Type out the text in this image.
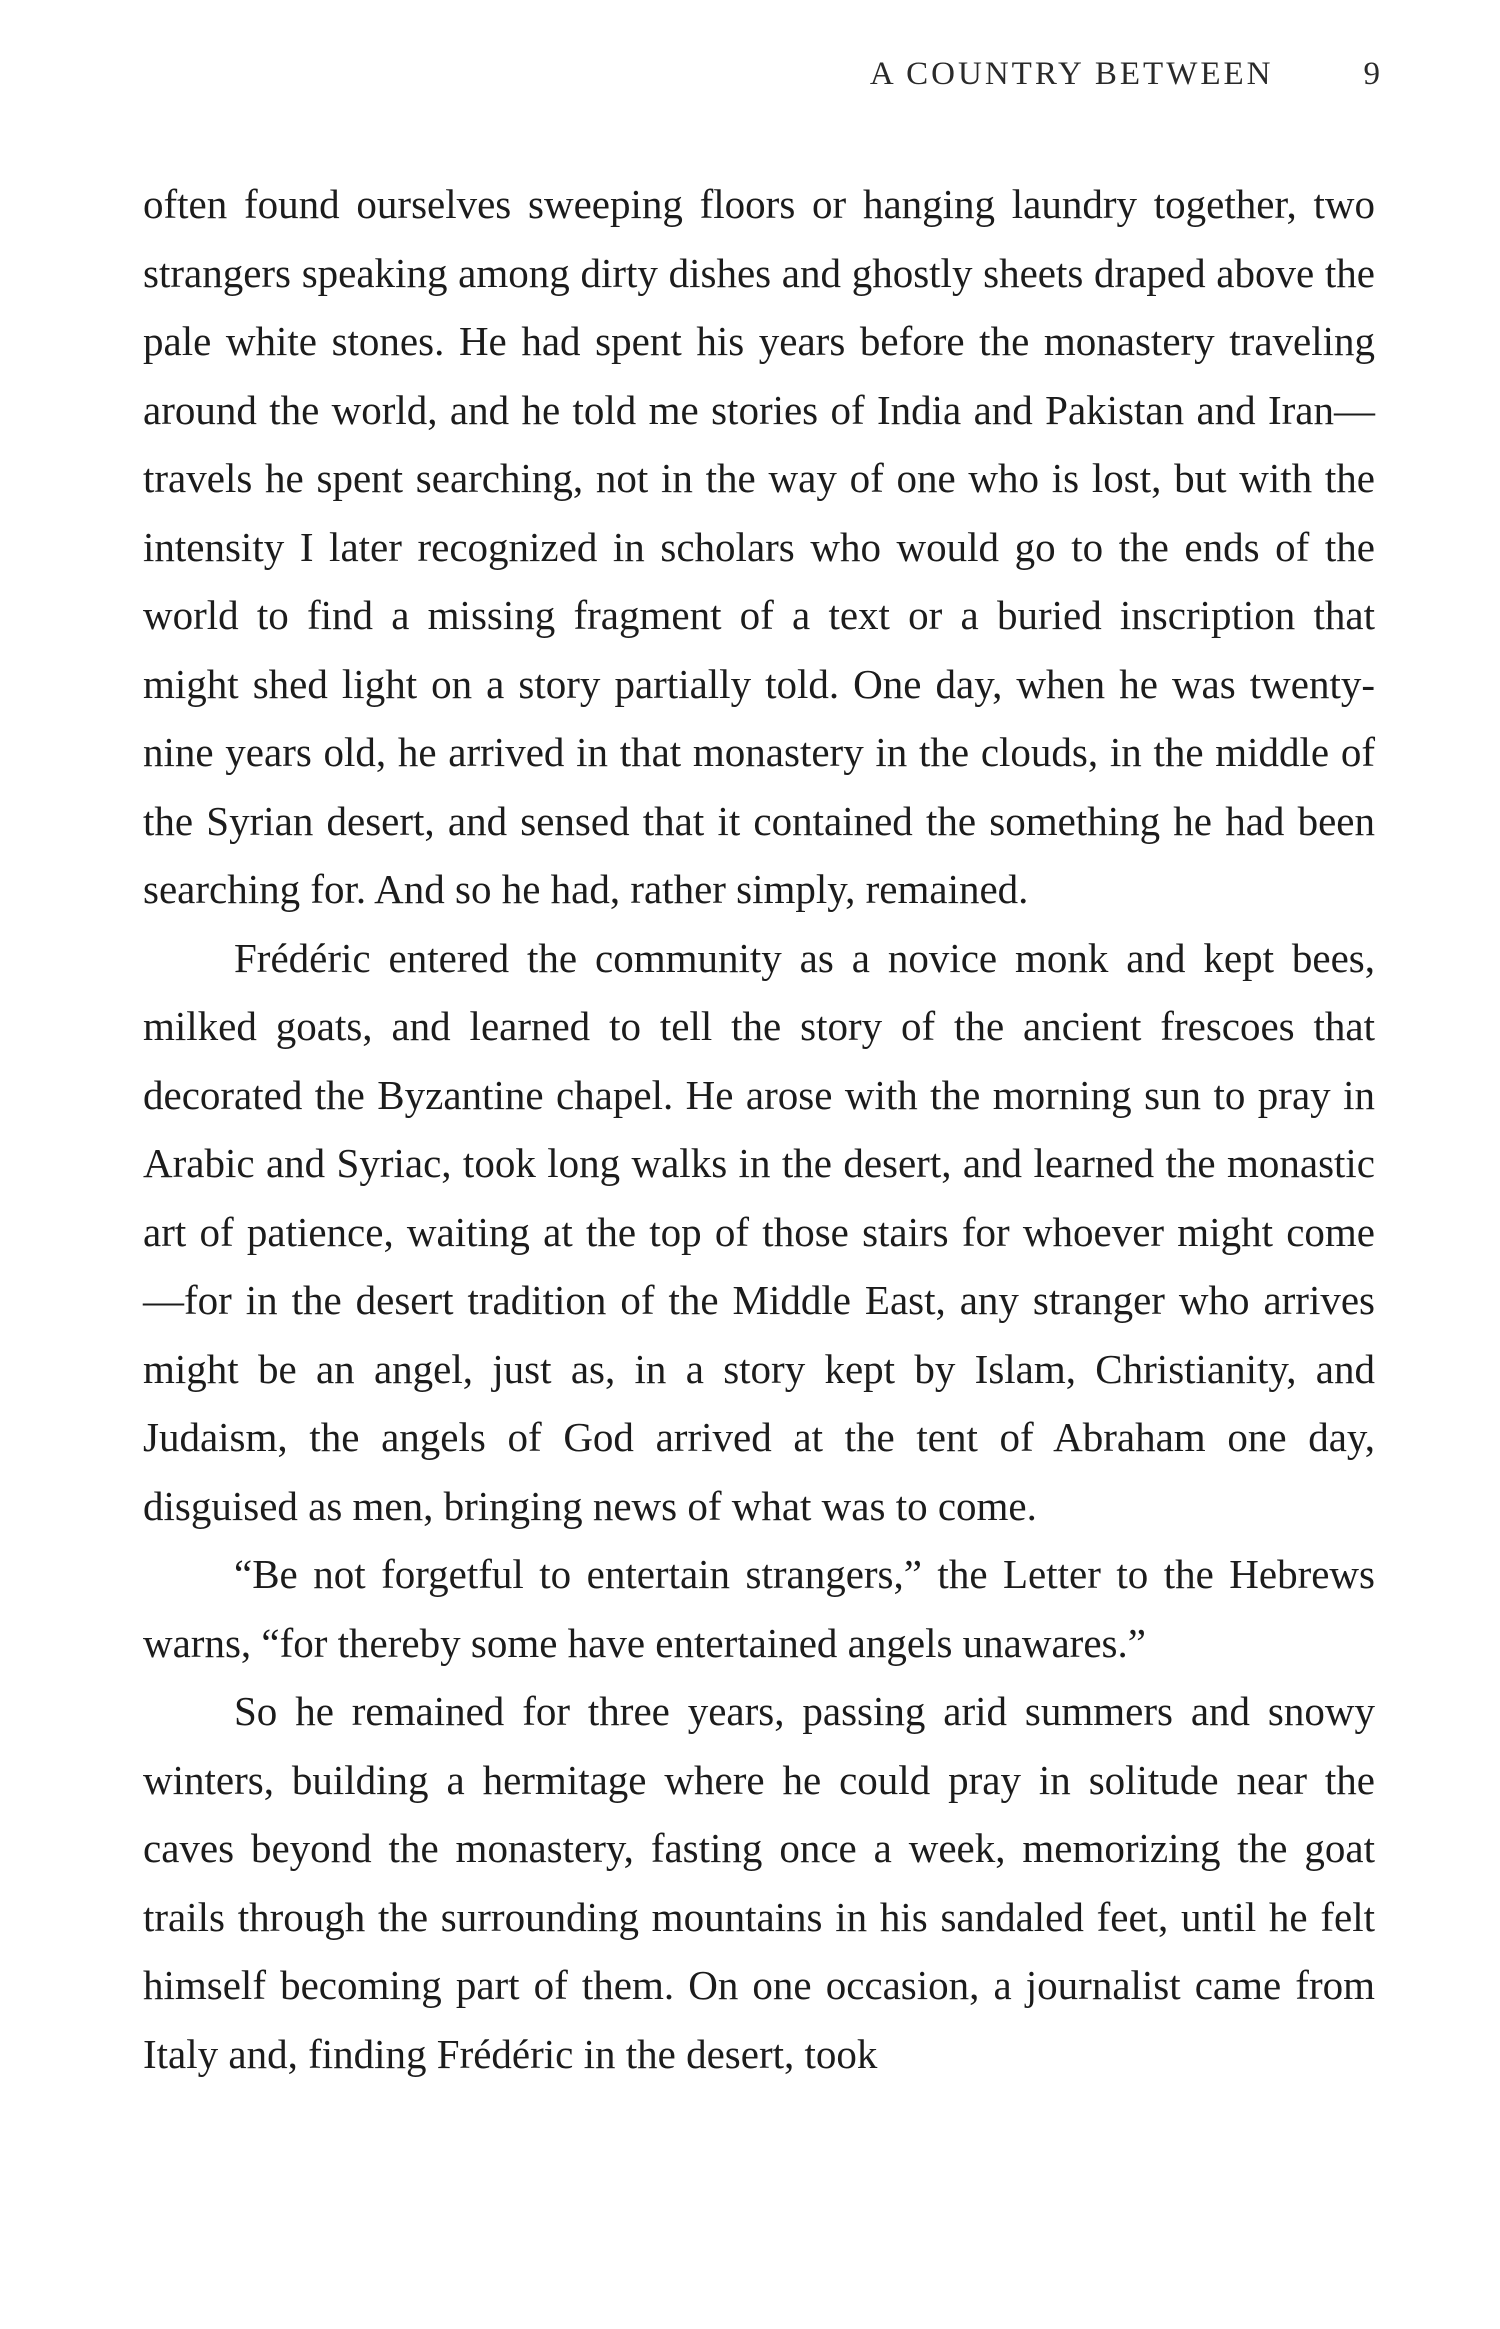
A COUNTRY BETWEEN	9

often found ourselves sweeping floors or hanging laundry together, two strangers speaking among dirty dishes and ghostly sheets draped above the pale white stones. He had spent his years before the monastery traveling around the world, and he told me stories of India and Pakistan and Iran—travels he spent searching, not in the way of one who is lost, but with the intensity I later recognized in scholars who would go to the ends of the world to find a missing fragment of a text or a buried inscription that might shed light on a story partially told. One day, when he was twenty-nine years old, he arrived in that monastery in the clouds, in the middle of the Syrian desert, and sensed that it contained the something he had been searching for. And so he had, rather simply, remained.

Frédéric entered the community as a novice monk and kept bees, milked goats, and learned to tell the story of the ancient frescoes that decorated the Byzantine chapel. He arose with the morning sun to pray in Arabic and Syriac, took long walks in the desert, and learned the monastic art of patience, waiting at the top of those stairs for whoever might come—for in the desert tradition of the Middle East, any stranger who arrives might be an angel, just as, in a story kept by Islam, Christianity, and Judaism, the angels of God arrived at the tent of Abraham one day, disguised as men, bringing news of what was to come.

“Be not forgetful to entertain strangers,” the Letter to the Hebrews warns, “for thereby some have entertained angels unawares.”

So he remained for three years, passing arid summers and snowy winters, building a hermitage where he could pray in solitude near the caves beyond the monastery, fasting once a week, memorizing the goat trails through the surrounding mountains in his sandaled feet, until he felt himself becoming part of them. On one occasion, a journalist came from Italy and, finding Frédéric in the desert, took
